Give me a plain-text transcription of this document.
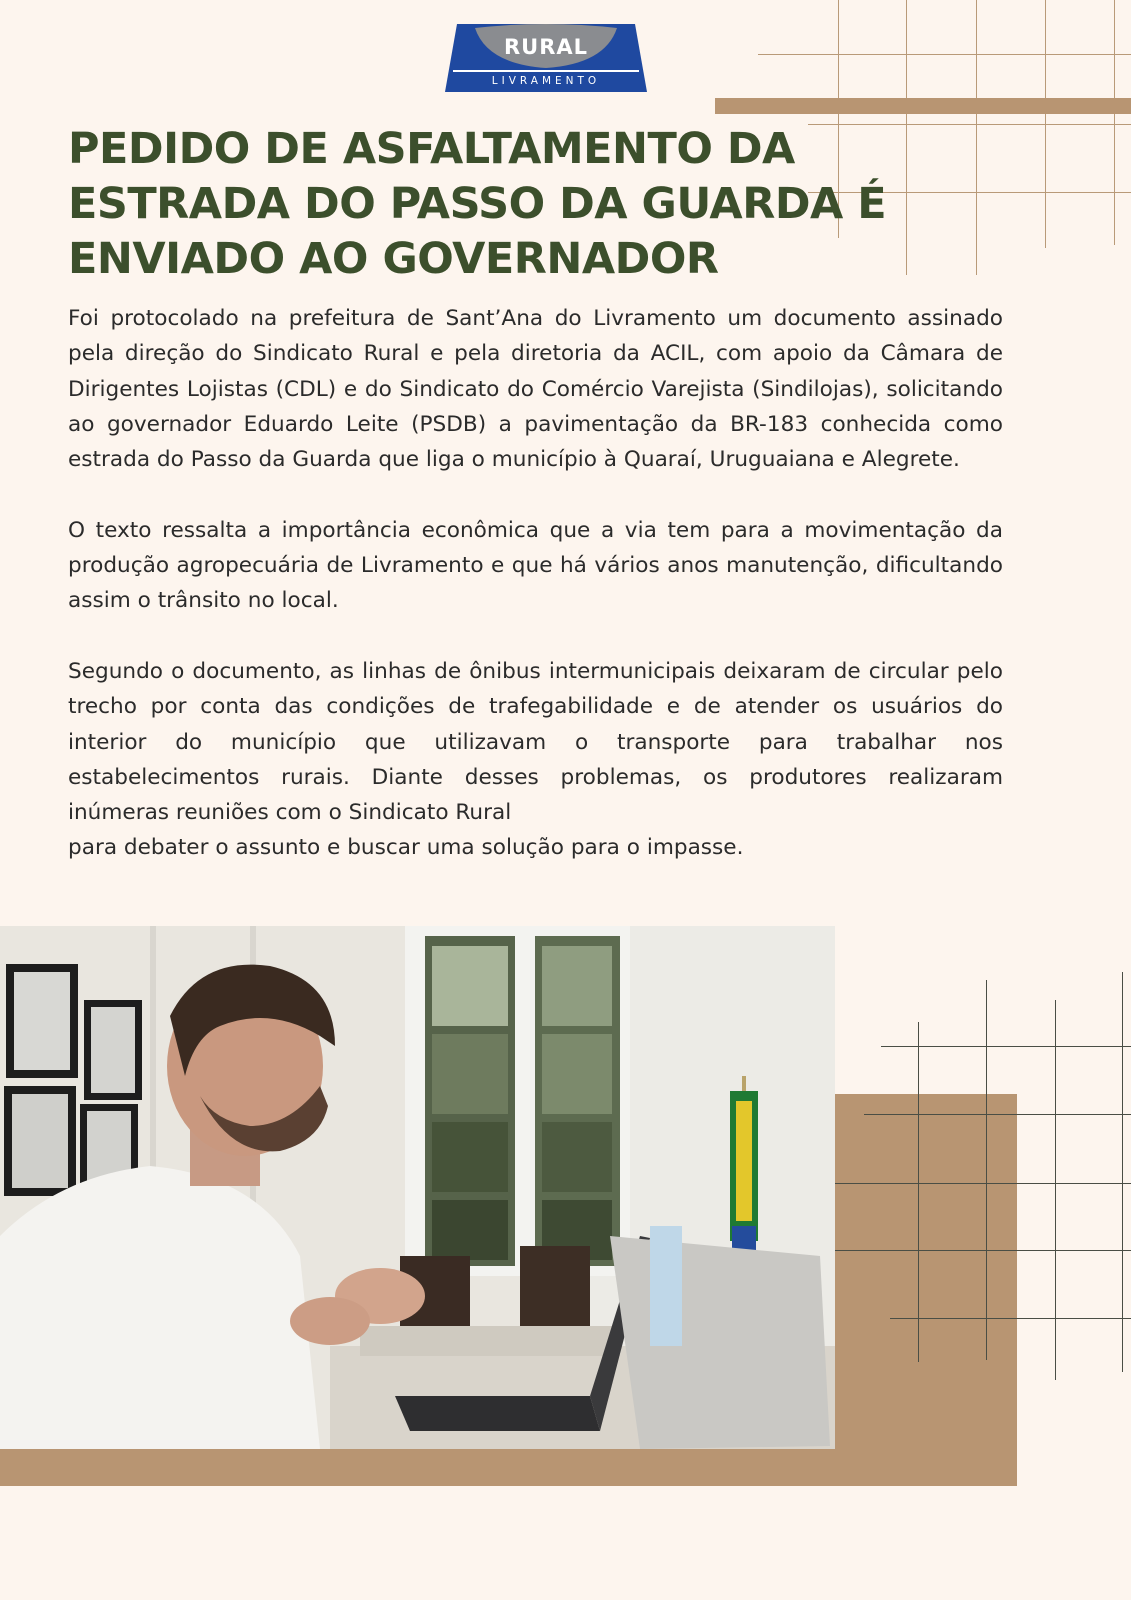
RURAL
LIVRAMENTO
PEDIDO DE ASFALTAMENTO DA
ESTRADA DO PASSO DA GUARDA É
ENVIADO AO GOVERNADOR

Foi protocolado na prefeitura de Sant’Ana do Livramento um documento assinado pela direção do Sindicato Rural e pela diretoria da ACIL, com apoio da Câmara de Dirigentes Lojistas (CDL) e do Sindicato do Comércio Varejista (Sindilojas), solicitando ao governador Eduardo Leite (PSDB) a pavimentação da BR-183 conhecida como estrada do Passo da Guarda que liga o município à Quaraí, Uruguaiana e Alegrete.

O texto ressalta a importância econômica que a via tem para a movimentação da produção agropecuária de Livramento e que há vários anos manutenção, dificultando assim o trânsito no local.

Segundo o documento, as linhas de ônibus intermunicipais deixaram de circular pelo trecho por conta das condições de trafegabilidade e de atender os usuários do interior do município que utilizavam o transporte para trabalhar nos estabelecimentos rurais. Diante desses problemas, os produtores realizaram inúmeras reuniões com o Sindicato Rural
para debater o assunto e buscar uma solução para o impasse.
